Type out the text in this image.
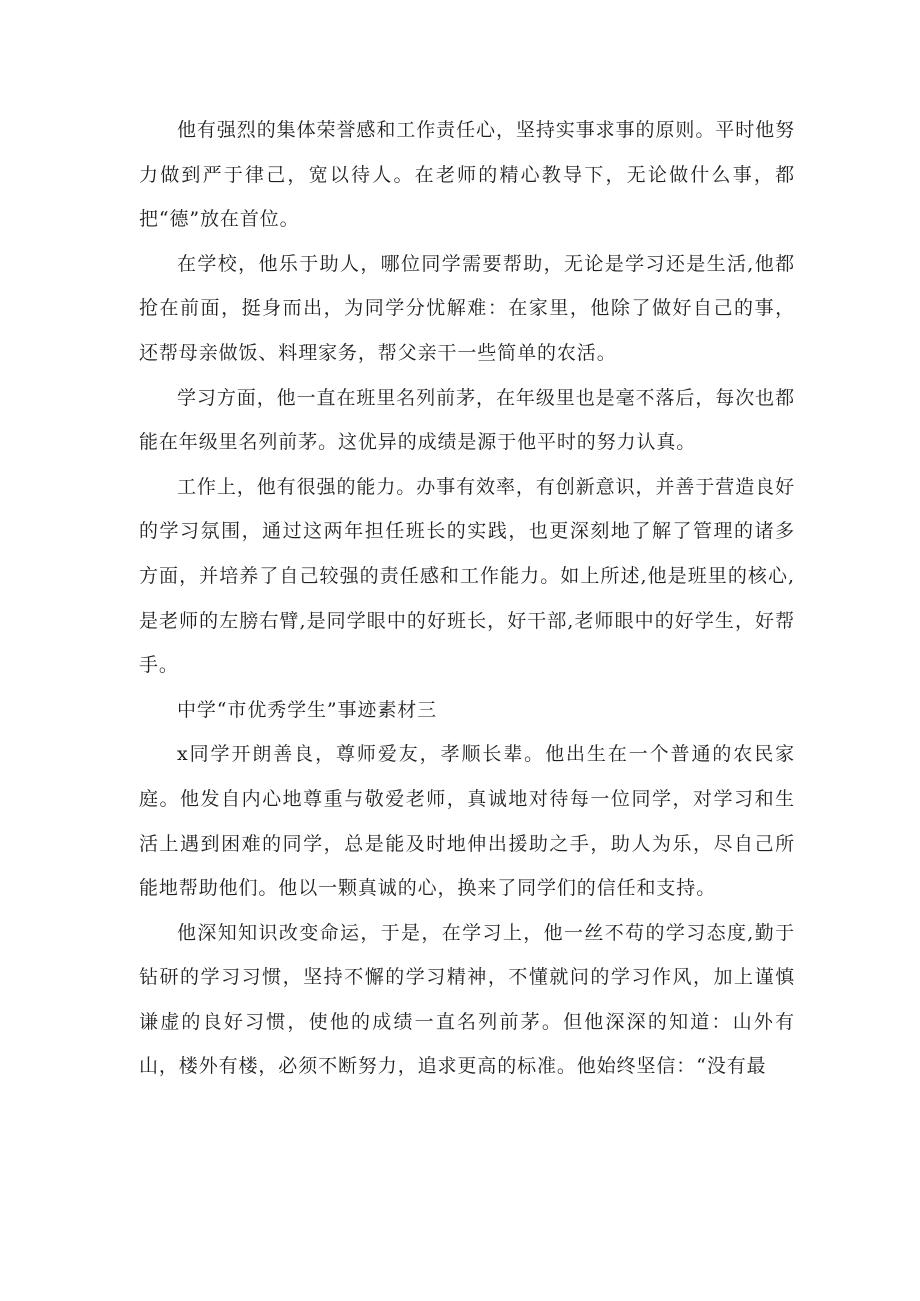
他有强烈的集体荣誉感和工作责任心，坚持实事求事的原则。平时他努力做到严于律己，宽以待人。在老师的精心教导下，无论做什么事，都把“德”放在首位。

在学校，他乐于助人，哪位同学需要帮助，无论是学习还是生活,他都抢在前面，挺身而出，为同学分忧解难：在家里，他除了做好自己的事，还帮母亲做饭、料理家务，帮父亲干一些简单的农活。

学习方面，他一直在班里名列前茅，在年级里也是毫不落后，每次也都能在年级里名列前茅。这优异的成绩是源于他平时的努力认真。

工作上，他有很强的能力。办事有效率，有创新意识，并善于营造良好的学习氛围，通过这两年担任班长的实践，也更深刻地了解了管理的诸多方面，并培养了自己较强的责任感和工作能力。如上所述,他是班里的核心,是老师的左膀右臂,是同学眼中的好班长，好干部,老师眼中的好学生，好帮手。

中学“市优秀学生”事迹素材三

x同学开朗善良，尊师爱友，孝顺长辈。他出生在一个普通的农民家庭。他发自内心地尊重与敬爱老师，真诚地对待每一位同学，对学习和生活上遇到困难的同学，总是能及时地伸出援助之手，助人为乐，尽自己所能地帮助他们。他以一颗真诚的心，换来了同学们的信任和支持。

他深知知识改变命运，于是，在学习上，他一丝不苟的学习态度,勤于钻研的学习习惯，坚持不懈的学习精神，不懂就问的学习作风，加上谨慎谦虚的良好习惯，使他的成绩一直名列前茅。但他深深的知道：山外有山，楼外有楼，必须不断努力，追求更高的标准。他始终坚信：“没有最
